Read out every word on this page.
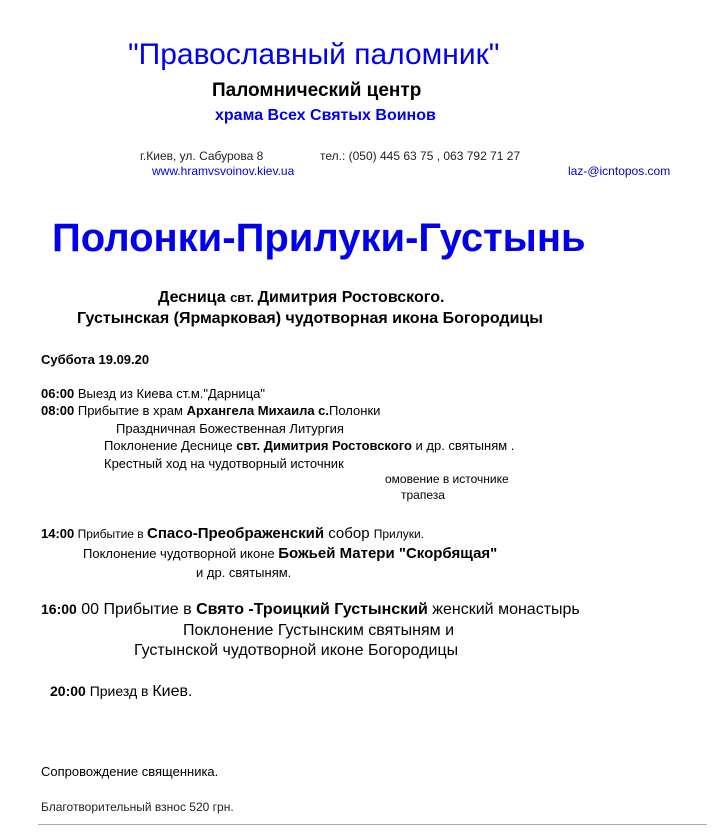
"Православный паломник"
Паломнический центр
храма Всех Святых Воинов
г.Киев, ул. Сабурова 8	тел.: (050) 445 63 75 , 063 792 71 27
www.hramvsvoinov.kiev.ua	laz-@icntopos.com
Полонки-Прилуки-Густынь
Десница свт. Димитрия Ростовского.
Густынская (Ярмарковая) чудотворная икона Богородицы
Суббота 19.09.20
06:00 Выезд из Киева ст.м."Дарница"
08:00 Прибытие в храм Архангела Михаила с.Полонки
Праздничная Божественная Литургия
Поклонение Деснице свт. Димитрия Ростовского и др. святыням .
Крестный ход на чудотворный источник
омовение в источнике
трапеза
14:00 Прибытие в Спасо-Преображенский собор Прилуки.
Поклонение чудотворной иконе Божьей Матери "Скорбящая"
и др. святыням.
16:00 00 Прибытие в Свято -Троицкий Густынский женский монастырь
Поклонение Густынским святыням и
Густынской чудотворной иконе Богородицы
20:00 Приезд в Киев.
Сопровождение священника.
Благотворительный взнос 520 грн.
